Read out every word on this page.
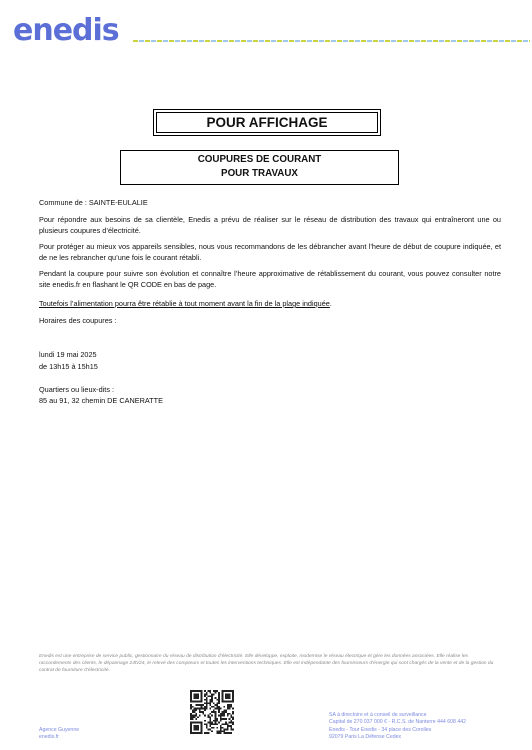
enedis
POUR AFFICHAGE
COUPURES DE COURANT
POUR TRAVAUX
Commune de : SAINTE-EULALIE
Pour répondre aux besoins de sa clientèle, Enedis a prévu de réaliser sur le réseau de distribution des travaux qui entraîneront une ou plusieurs coupures d’électricité.
Pour protéger au mieux vos appareils sensibles, nous vous recommandons de les débrancher avant l’heure de début de coupure indiquée, et de ne les rebrancher qu’une fois le courant rétabli.
Pendant la coupure pour suivre son évolution et connaître l’heure approximative de rétablissement du courant, vous pouvez consulter notre site enedis.fr en flashant le QR CODE en bas de page.
Toutefois l’alimentation pourra être rétablie à tout moment avant la fin de la plage indiquée.
Horaires des coupures :
lundi 19 mai 2025
de 13h15 à 15h15
Quartiers ou lieux-dits :
85 au 91, 32 chemin DE CANERATTE
Enedis est une entreprise de service public, gestionnaire du réseau de distribution d’électricité. Elle développe, exploite, modernise le réseau électrique et gère les données associées. Elle réalise les raccordements des clients, le dépannage 24h/24, le relevé des compteurs et toutes les interventions techniques. Elle est indépendante des fournisseurs d’énergie qui sont chargés de la vente et de la gestion du contrat de fourniture d’électricité.
Agence Guyenne
enedis.fr
SA à directoire et à conseil de surveillance
Capital de 270 037 000 € - R.C.S. de Nanterre 444 608 442
Enedis - Tour Enedis - 34 place des Corolles
92079 Paris La Défense Cedex
